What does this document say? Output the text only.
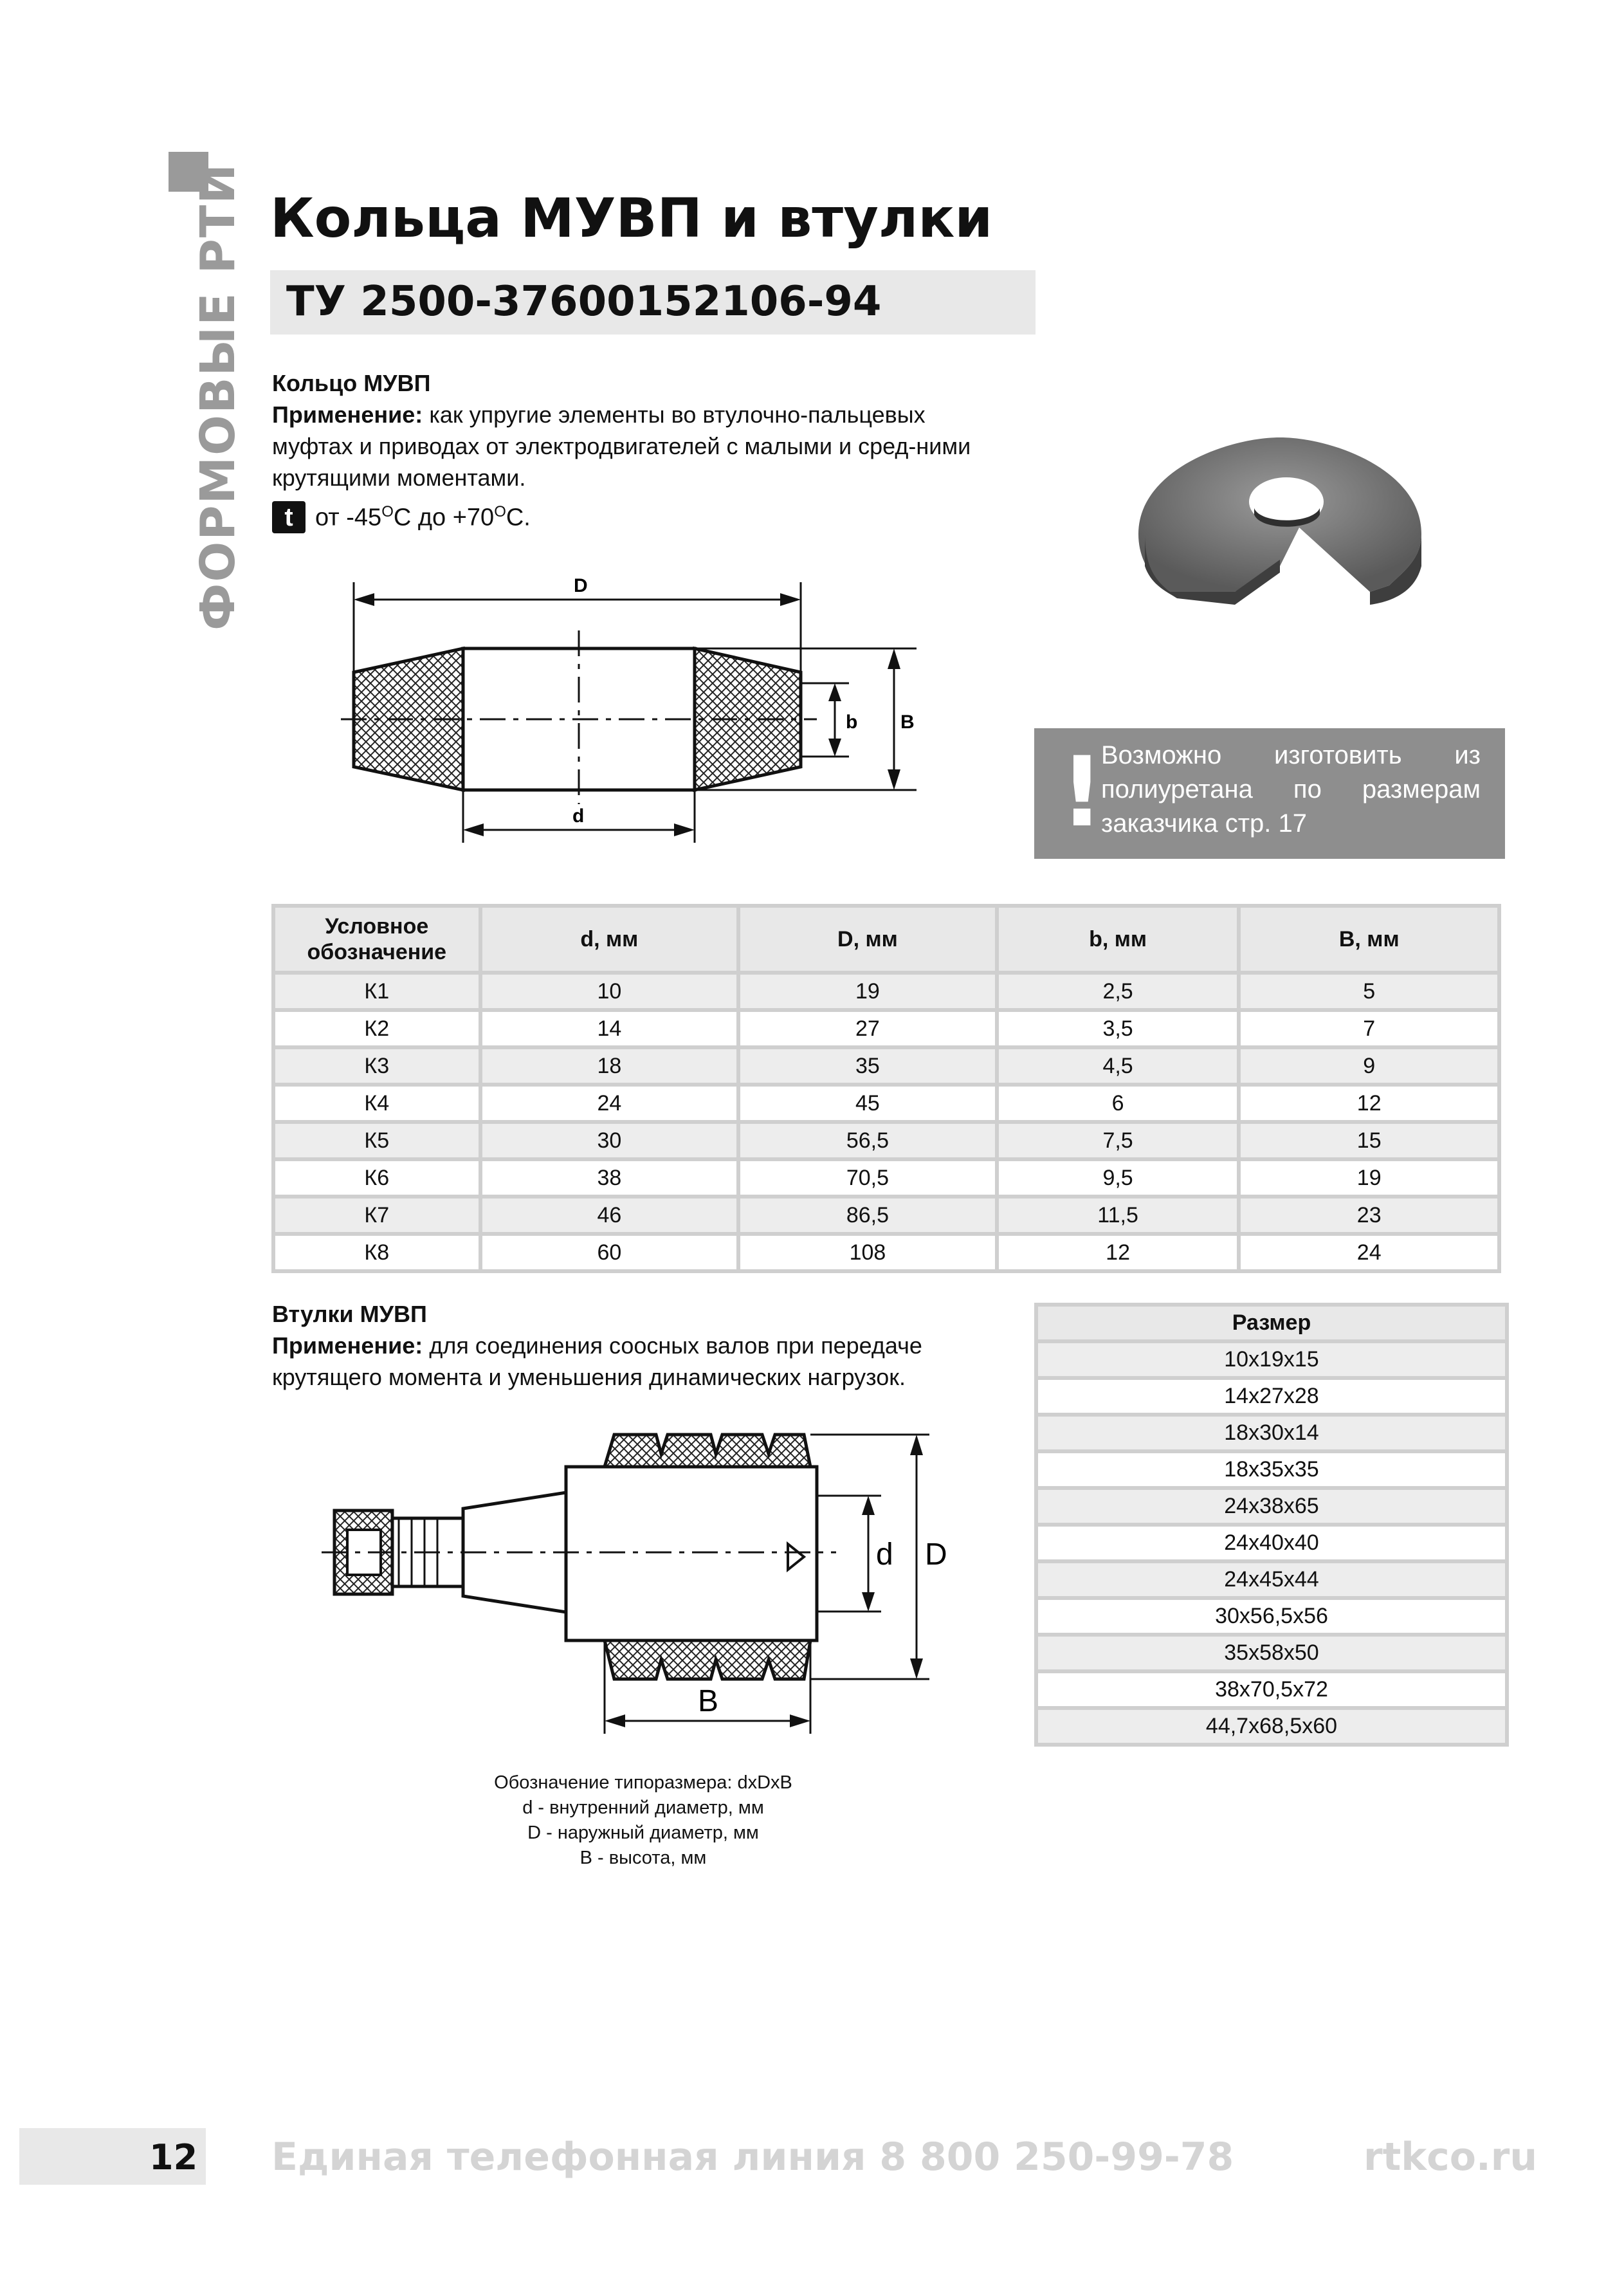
ФОРМОВЫЕ РТИ Кольца МУВП и втулки
ТУ 2500-37600152106-94
Кольцо МУВП
Применение: как упругие элементы во втулочно-пальцевых муфтах и приводах от электродвигателей с малыми и сред-ними крутящими моментами.
t от $-45^OС$ до $+70^OС$.
D
d
b B
!
Возможно изготовить из полиуретана по размерам заказчика стр. 17
Условное обозначение	d, мм	D, мм	b, мм	В, мм
К1	10	19	2,5	5
К2	14	27	3,5	7
К3	18	35	4,5	9
К4	24	45	6	12
К5	30	56,5	7,5	15
К6	38	70,5	9,5	19
К7	46	86,5	11,5	23
К8	60	108	12	24
Втулки МУВП
Применение: для соединения соосных валов при передаче крутящего момента и уменьшения динамических нагрузок.
d D
B
Размер
10x19x15
14x27x28
18x30x14
18x35x35
24x38x65
24x40x40
24x45x44
30x56,5x56
35x58x50
38x70,5x72
44,7x68,5x60
Обозначение типоразмера: dxDxB
d - внутренний диаметр, мм
D - наружный диаметр, мм
B - высота, мм
12 Единая телефонная линия 8 800 250-99-78	rtkco.ru
